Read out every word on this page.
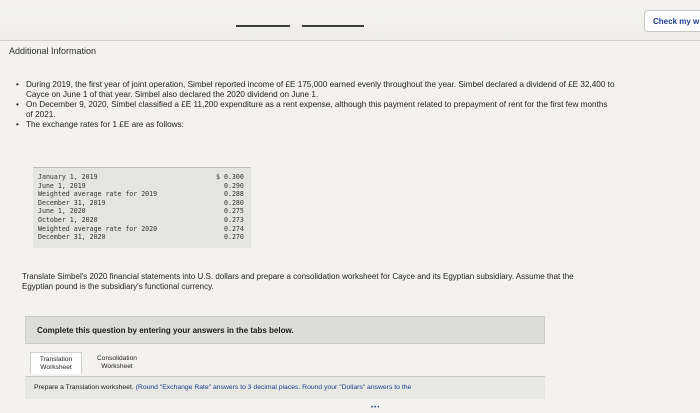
Check my w
Additional Information
• During 2019, the first year of joint operation, Simbel reported income of £E 175,000 earned evenly throughout the year. Simbel declared a dividend of £E 32,400 to Cayce on June 1 of that year. Simbel also declared the 2020 dividend on June 1.
• On December 9, 2020, Simbel classified a £E 11,200 expenditure as a rent expense, although this payment related to prepayment of rent for the first few months of 2021.
• The exchange rates for 1 £E are as follows:
January 1, 2019
June 1, 2019
Weighted average rate for 2019
December 31, 2019
June 1, 2020
October 1, 2020
Weighted average rate for 2020
December 31, 2020
$ 0.300
0.290
0.288
0.280
0.275
0.273
0.274
0.270
Translate Simbel's 2020 financial statements into U.S. dollars and prepare a consolidation worksheet for Cayce and its Egyptian subsidiary. Assume that the Egyptian pound is the subsidiary's functional currency.
Complete this question by entering your answers in the tabs below.
Translation
Worksheet
Consolidation
Worksheet
Prepare a Translation worksheet. (Round "Exchange Rate" answers to 3 decimal places. Round your "Dollars" answers to the
•••
